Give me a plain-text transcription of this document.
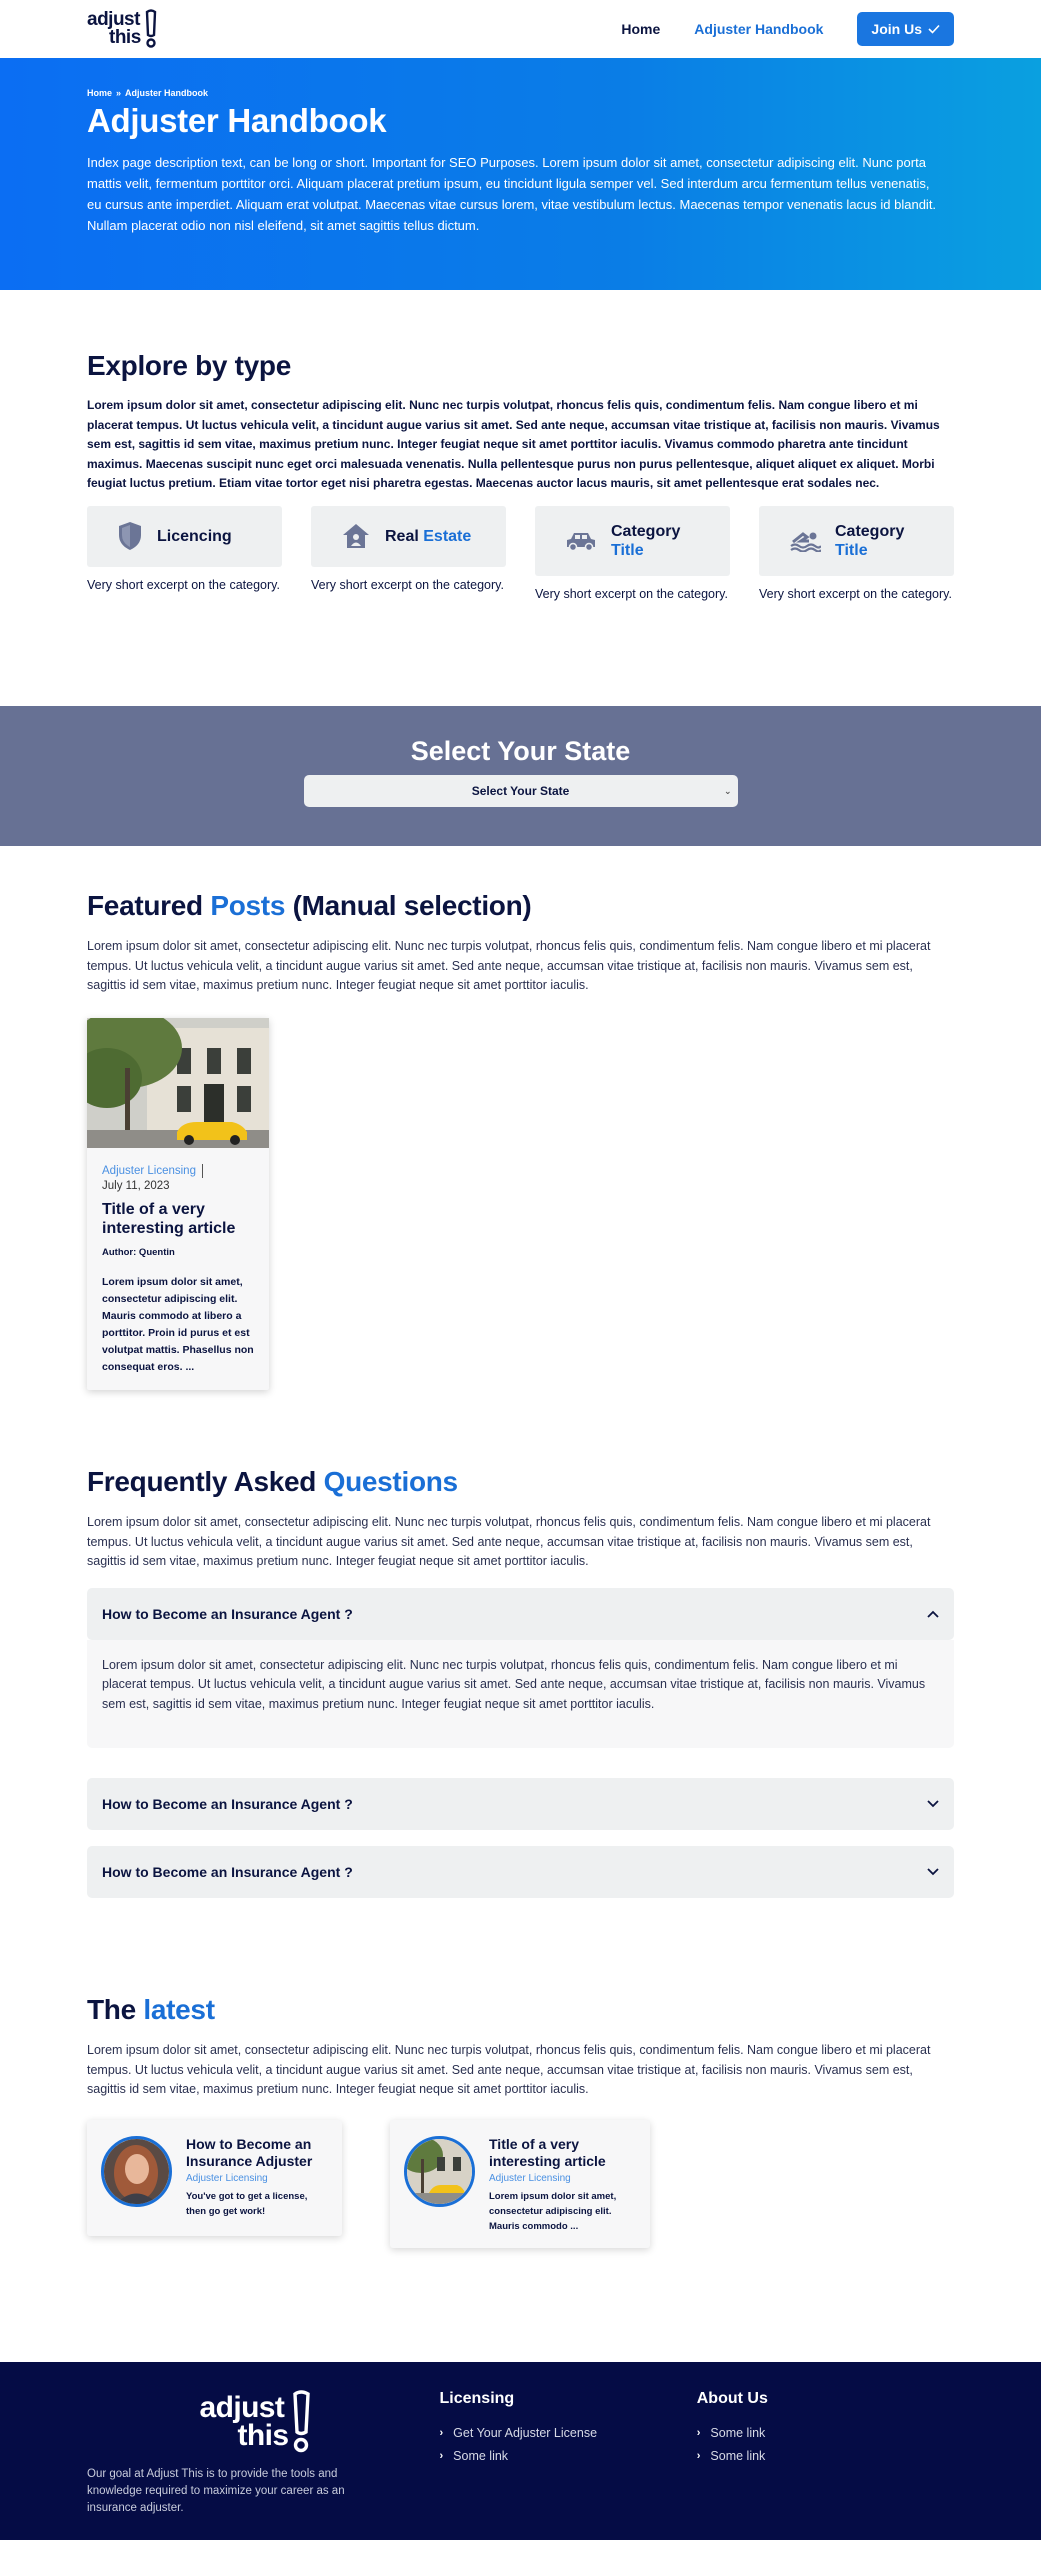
adjust
this	Home Adjuster Handbook	Join Us
Home » Adjuster Handbook
Adjuster Handbook

Index page description text, can be long or short. Important for SEO Purposes. Lorem ipsum dolor sit amet, consectetur adipiscing elit. Nunc porta mattis velit, fermentum porttitor orci. Aliquam placerat pretium ipsum, eu tincidunt ligula semper vel. Sed interdum arcu fermentum tellus venenatis, eu cursus ante imperdiet. Aliquam erat volutpat. Maecenas vitae cursus lorem, vitae vestibulum lectus. Maecenas tempor venenatis lacus id blandit. Nullam placerat odio non nisl eleifend, sit amet sagittis tellus dictum.

Explore by type

Lorem ipsum dolor sit amet, consectetur adipiscing elit. Nunc nec turpis volutpat, rhoncus felis quis, condimentum felis. Nam congue libero et mi placerat tempus. Ut luctus vehicula velit, a tincidunt augue varius sit amet. Sed ante neque, accumsan vitae tristique at, facilisis non mauris. Vivamus sem est, sagittis id sem vitae, maximus pretium nunc. Integer feugiat neque sit amet porttitor iaculis. Vivamus commodo pharetra ante tincidunt maximus. Maecenas suscipit nunc eget orci malesuada venenatis. Nulla pellentesque purus non purus pellentesque, aliquet aliquet ex aliquet. Morbi feugiat luctus pretium. Etiam vitae tortor eget nisi pharetra egestas. Maecenas auctor lacus mauris, sit amet pellentesque erat sodales nec.

Licencing

Very short excerpt on the category.

Real Estate

Very short excerpt on the category.

Category
Title

Very short excerpt on the category.

Category
Title

Very short excerpt on the category.

Select Your State
Select Your State	⌄
Featured Posts (Manual selection)

Lorem ipsum dolor sit amet, consectetur adipiscing elit. Nunc nec turpis volutpat, rhoncus felis quis, condimentum felis. Nam congue libero et mi placerat tempus. Ut luctus vehicula velit, a tincidunt augue varius sit amet. Sed ante neque, accumsan vitae tristique at, facilisis non mauris. Vivamus sem est, sagittis id sem vitae, maximus pretium nunc. Integer feugiat neque sit amet porttitor iaculis.

Adjuster Licensing
July 11, 2023
Title of a very interesting article
Author: Quentin
Lorem ipsum dolor sit amet, consectetur adipiscing elit. Mauris commodo at libero a porttitor. Proin id purus et est volutpat mattis. Phasellus non consequat eros. ...
Frequently Asked Questions

Lorem ipsum dolor sit amet, consectetur adipiscing elit. Nunc nec turpis volutpat, rhoncus felis quis, condimentum felis. Nam congue libero et mi placerat tempus. Ut luctus vehicula velit, a tincidunt augue varius sit amet. Sed ante neque, accumsan vitae tristique at, facilisis non mauris. Vivamus sem est, sagittis id sem vitae, maximus pretium nunc. Integer feugiat neque sit amet porttitor iaculis.

How to Become an Insurance Agent ?
Lorem ipsum dolor sit amet, consectetur adipiscing elit. Nunc nec turpis volutpat, rhoncus felis quis, condimentum felis. Nam congue libero et mi placerat tempus. Ut luctus vehicula velit, a tincidunt augue varius sit amet. Sed ante neque, accumsan vitae tristique at, facilisis non mauris. Vivamus sem est, sagittis id sem vitae, maximus pretium nunc. Integer feugiat neque sit amet porttitor iaculis.
How to Become an Insurance Agent ?
How to Become an Insurance Agent ?
The latest

Lorem ipsum dolor sit amet, consectetur adipiscing elit. Nunc nec turpis volutpat, rhoncus felis quis, condimentum felis. Nam congue libero et mi placerat tempus. Ut luctus vehicula velit, a tincidunt augue varius sit amet. Sed ante neque, accumsan vitae tristique at, facilisis non mauris. Vivamus sem est, sagittis id sem vitae, maximus pretium nunc. Integer feugiat neque sit amet porttitor iaculis.

How to Become an Insurance Adjuster
Adjuster Licensing
You've got to get a license, then go get work!
Title of a very interesting article
Adjuster Licensing
Lorem ipsum dolor sit amet, consectetur adipiscing elit. Mauris commodo ...
adjust
this

Our goal at Adjust This is to provide the tools and knowledge required to maximize your career as an insurance adjuster.

Licensing
› Get Your Adjuster License
› Some link
About Us
› Some link
› Some link
